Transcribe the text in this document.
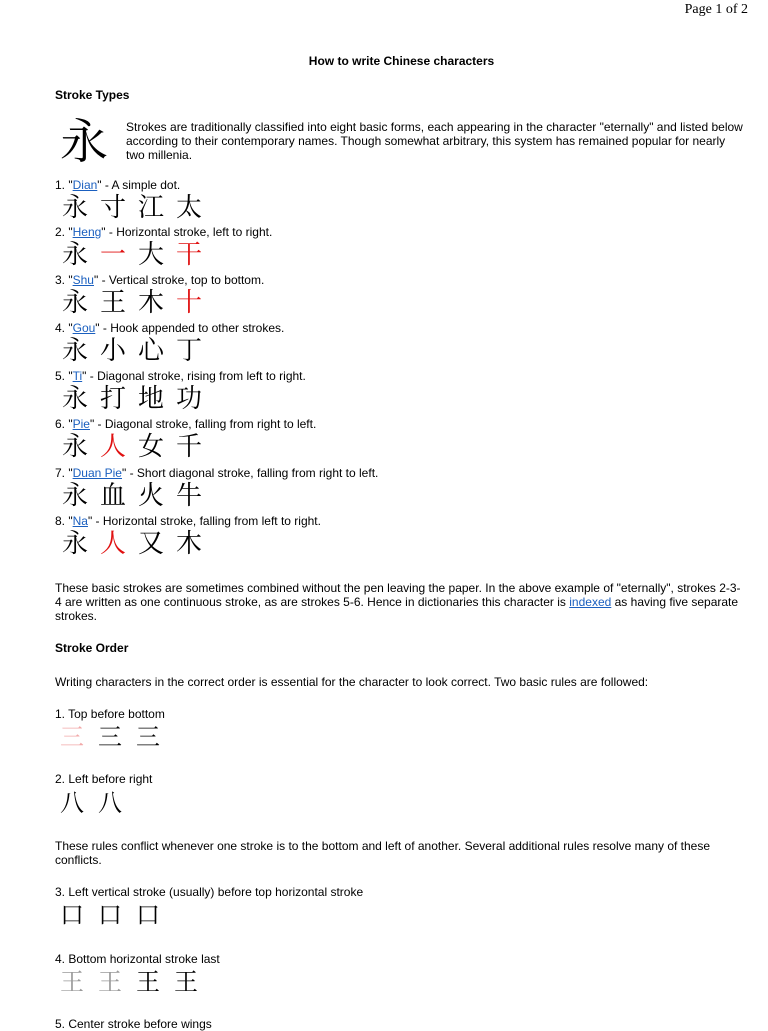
Page 1 of 2
How to write Chinese characters
Stroke Types
永 Strokes are traditionally classified into eight basic forms, each appearing in the character "eternally" and listed below according to their contemporary names. Though somewhat arbitrary, this system has remained popular for nearly two millenia.
1. "Dian" - A simple dot.
永 寸 江 太
2. "Heng" - Horizontal stroke, left to right.
永 一 大 干
3. "Shu" - Vertical stroke, top to bottom.
永 王 木 十
4. "Gou" - Hook appended to other strokes.
永 小 心 丁
5. "Ti" - Diagonal stroke, rising from left to right.
永 打 地 功
6. "Pie" - Diagonal stroke, falling from right to left.
永 人 女 千
7. "Duan Pie" - Short diagonal stroke, falling from right to left.
永 血 火 牛
8. "Na" - Horizontal stroke, falling from left to right.
永 人 又 木
These basic strokes are sometimes combined without the pen leaving the paper. In the above example of "eternally", strokes 2-3-4 are written as one continuous stroke, as are strokes 5-6. Hence in dictionaries this character is indexed as having five separate strokes.
Stroke Order
Writing characters in the correct order is essential for the character to look correct. Two basic rules are followed:
1. Top before bottom
三 三 三
2. Left before right
八 八
These rules conflict whenever one stroke is to the bottom and left of another. Several additional rules resolve many of these conflicts.
3. Left vertical stroke (usually) before top horizontal stroke
口 口 口
4. Bottom horizontal stroke last
王 王 王 王
5. Center stroke before wings
